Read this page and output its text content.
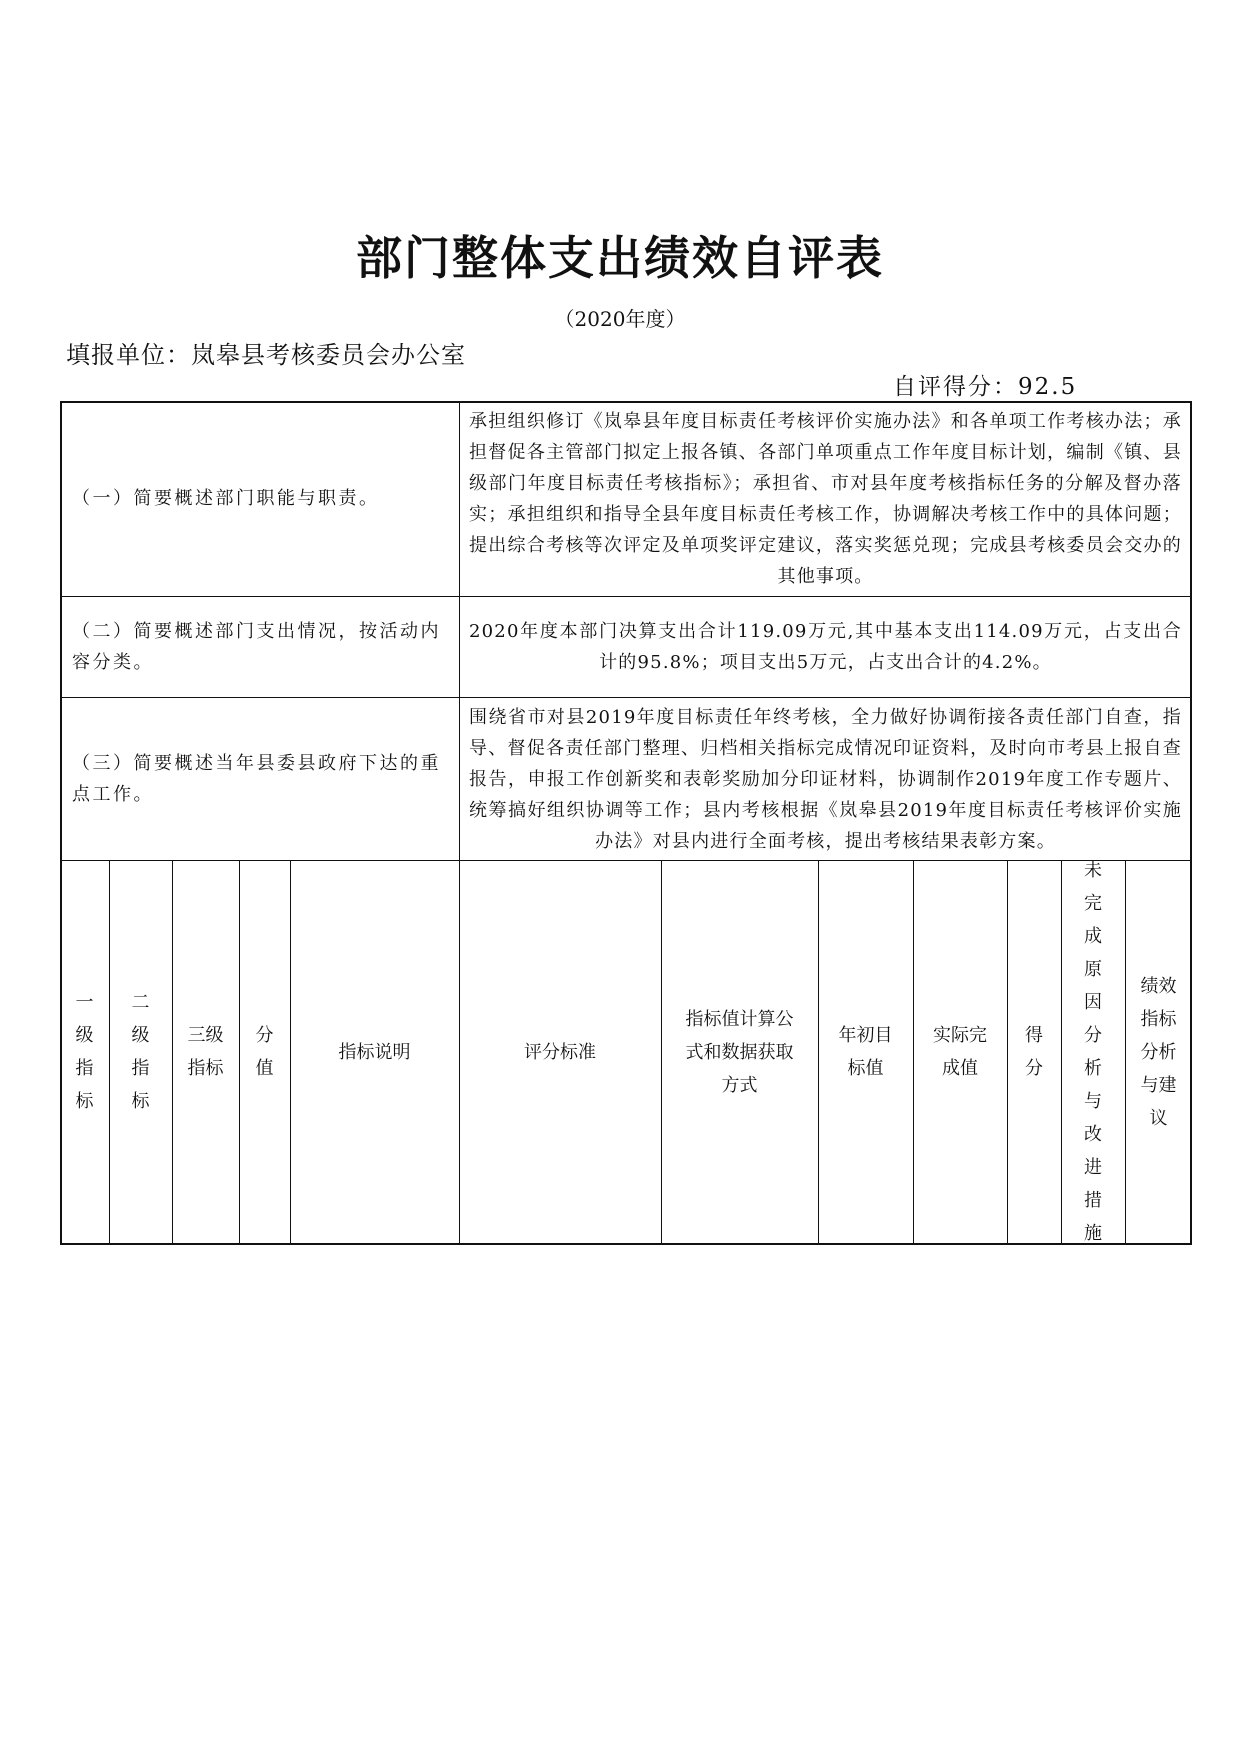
部门整体支出绩效自评表
（2020年度）
填报单位：岚皋县考核委员会办公室
自评得分：92.5
（一）简要概述部门职能与职责。
承担组织修订《岚皋县年度目标责任考核评价实施办法》和各单项工作考核办法；承担督促各主管部门拟定上报各镇、各部门单项重点工作年度目标计划，编制《镇、县级部门年度目标责任考核指标》；承担省、市对县年度考核指标任务的分解及督办落实；承担组织和指导全县年度目标责任考核工作，协调解决考核工作中的具体问题；提出综合考核等次评定及单项奖评定建议，落实奖惩兑现；完成县考核委员会交办的其他事项。
（二）简要概述部门支出情况，按活动内容分类。
2020年度本部门决算支出合计119.09万元,其中基本支出114.09万元，占支出合计的95.8%；项目支出5万元，占支出合计的4.2%。
（三）简要概述当年县委县政府下达的重点工作。
围绕省市对县2019年度目标责任年终考核，全力做好协调衔接各责任部门自查，指导、督促各责任部门整理、归档相关指标完成情况印证资料，及时向市考县上报自查报告，申报工作创新奖和表彰奖励加分印证材料，协调制作2019年度工作专题片、统筹搞好组织协调等工作；县内考核根据《岚皋县2019年度目标责任考核评价实施办法》对县内进行全面考核，提出考核结果表彰方案。
一
级
指
标
二
级
指
标
三级
指标
分
值
指标说明	评分标准
指标值计算公
式和数据获取
方式
年初目
标值
实际完
成值
得
分
未
完
成
原
因
分
析
与
改
进
措
施
绩效
指标
分析
与建
议
